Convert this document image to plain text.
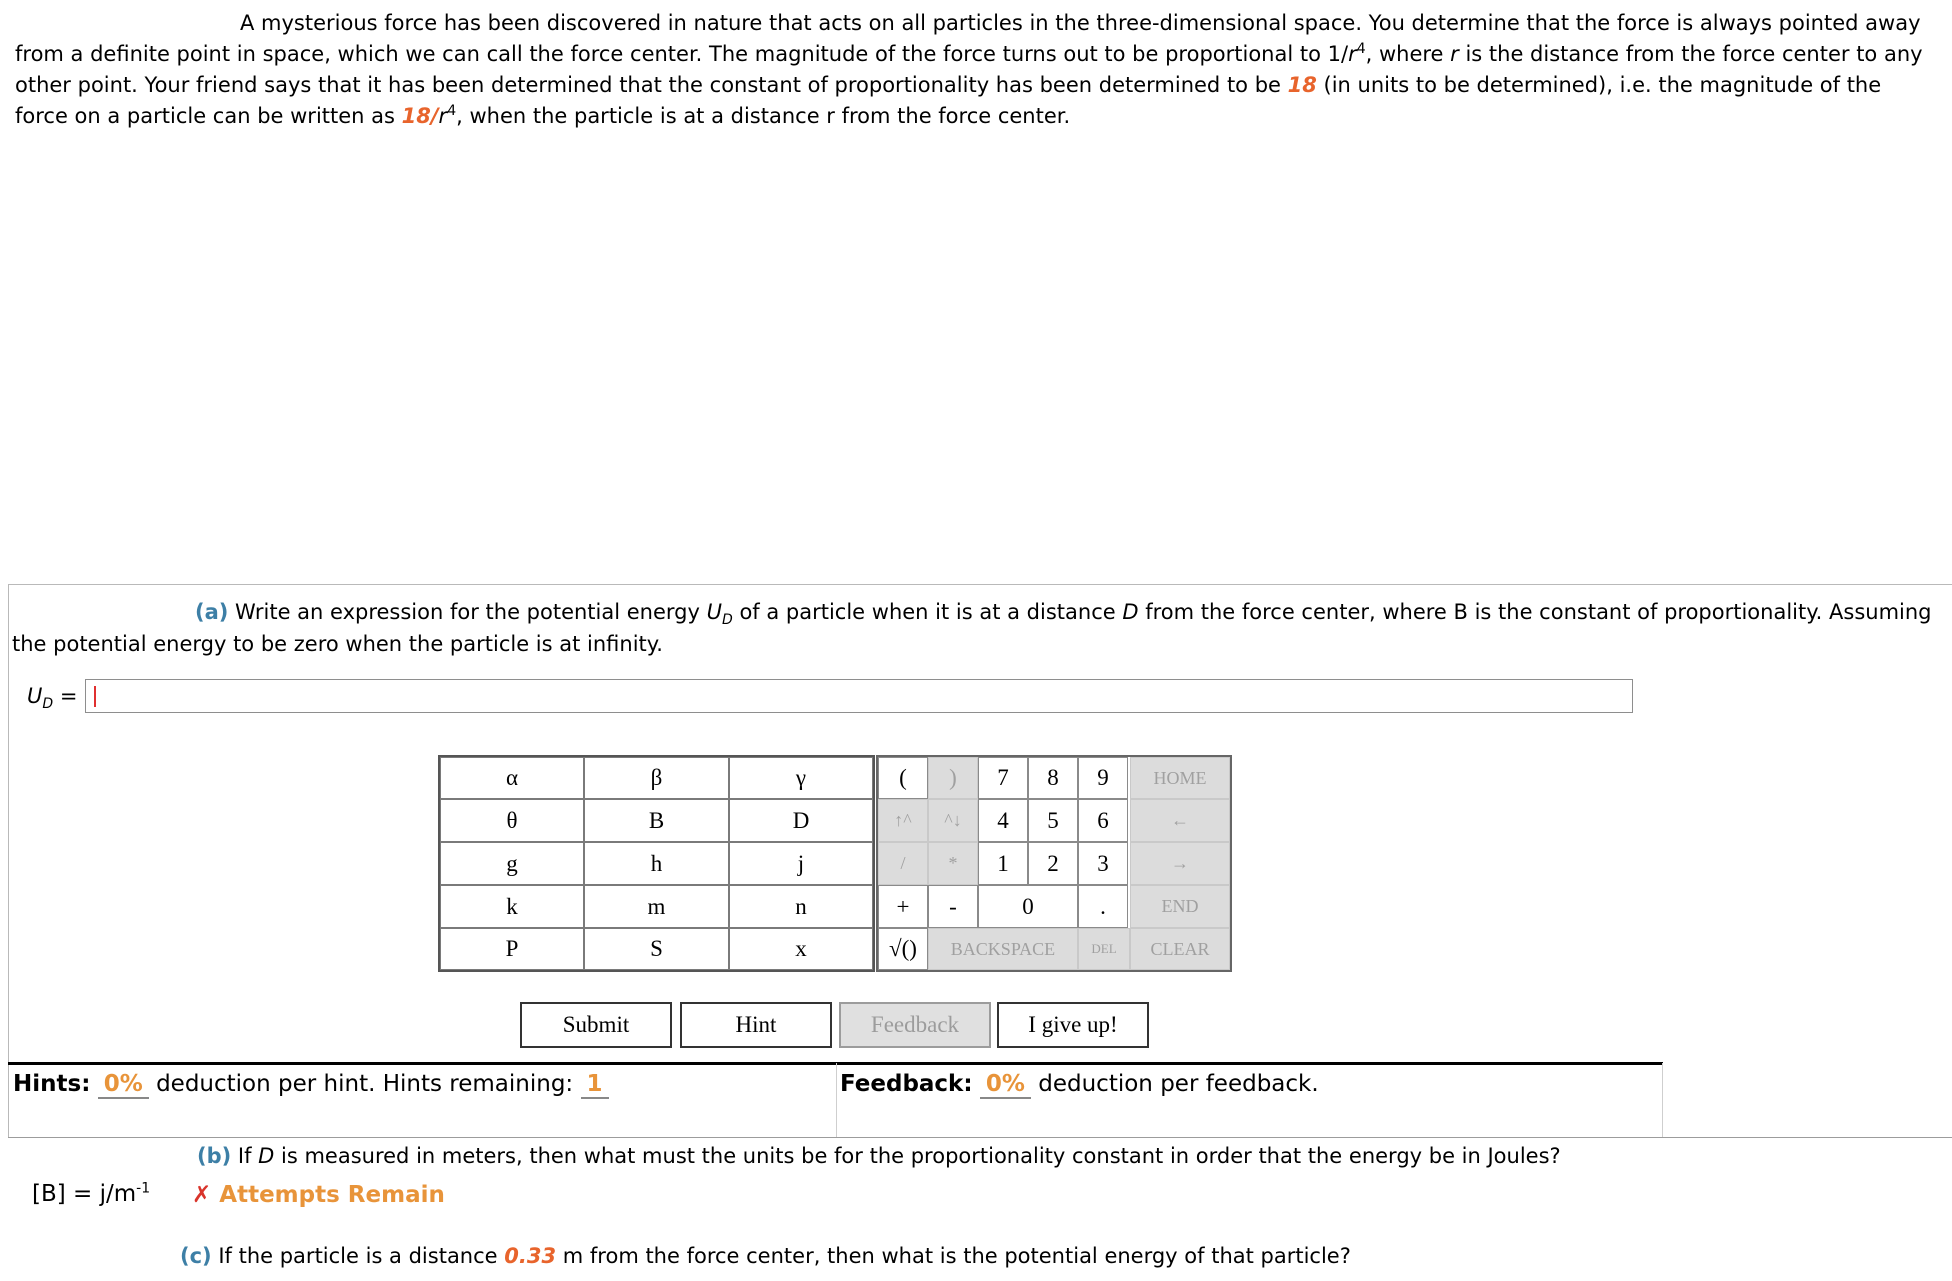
A mysterious force has been discovered in nature that acts on all particles in the three-dimensional space. You determine that the force is always pointed away from a definite point in space, which we can call the force center. The magnitude of the force turns out to be proportional to $1/r^4$, where r is the distance from the force center to any other point. Your friend says that it has been determined that the constant of proportionality has been determined to be 18 (in units to be determined), i.e. the magnitude of the force on a particle can be written as $18/r^4$, when the particle is at a distance r from the force center.

(a) Write an expression for the potential energy $U_D$ of a particle when it is at a distance D from the force center, where B is the constant of proportionality. Assuming the potential energy to be zero when the particle is at infinity.

$U_D$ =
α	β	γ
θ	B	D
g	h	j
k	m	n
P	S	x
(	)	7	8	9	HOME
↑^	^↓	4	5	6	←
/	*	1	2	3	→
+	-	0	.	END
√()	BACKSPACE	DEL	CLEAR
Submit	Hint	Feedback	I give up!
Hints: 0% deduction per hint. Hints remaining: 1	Feedback: 0% deduction per feedback.
(b) If D is measured in meters, then what must the units be for the proportionality constant in order that the energy be in Joules?
$[B] = j/m^{-1}$ ✗ Attempts Remain
(c) If the particle is a distance 0.33 m from the force center, then what is the potential energy of that particle?
